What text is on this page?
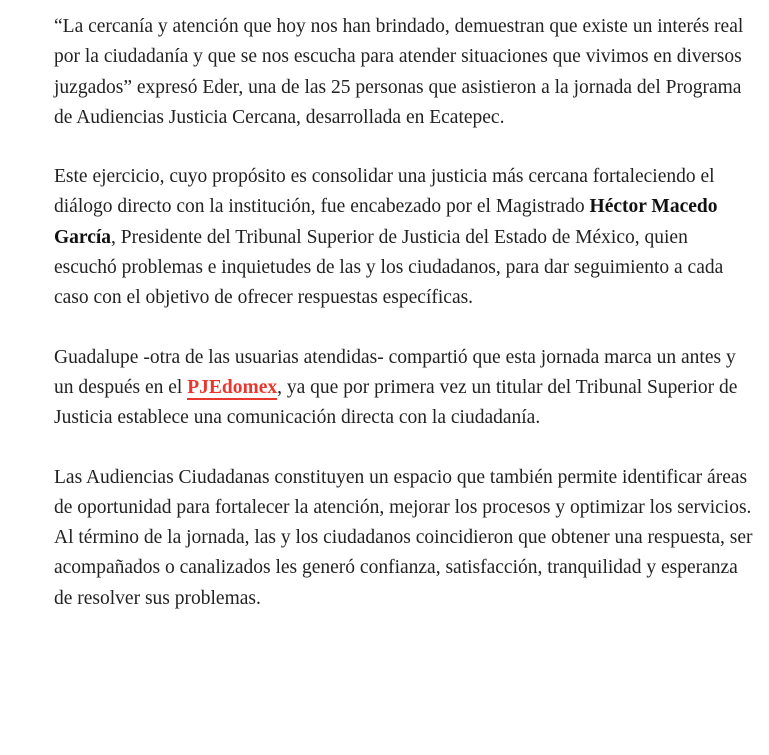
“La cercanía y atención que hoy nos han brindado, demuestran que existe un interés real por la ciudadanía y que se nos escucha para atender situaciones que vivimos en diversos juzgados” expresó Eder, una de las 25 personas que asistieron a la jornada del Programa de Audiencias Justicia Cercana, desarrollada en Ecatepec.

Este ejercicio, cuyo propósito es consolidar una justicia más cercana fortaleciendo el diálogo directo con la institución, fue encabezado por el Magistrado Héctor Macedo García, Presidente del Tribunal Superior de Justicia del Estado de México, quien escuchó problemas e inquietudes de las y los ciudadanos, para dar seguimiento a cada caso con el objetivo de ofrecer respuestas específicas.

Guadalupe -otra de las usuarias atendidas- compartió que esta jornada marca un antes y un después en el PJEdomex, ya que por primera vez un titular del Tribunal Superior de Justicia establece una comunicación directa con la ciudadanía.

Las Audiencias Ciudadanas constituyen un espacio que también permite identificar áreas de oportunidad para fortalecer la atención, mejorar los procesos y optimizar los servicios. Al término de la jornada, las y los ciudadanos coincidieron que obtener una respuesta, ser acompañados o canalizados les generó confianza, satisfacción, tranquilidad y esperanza de resolver sus problemas.
